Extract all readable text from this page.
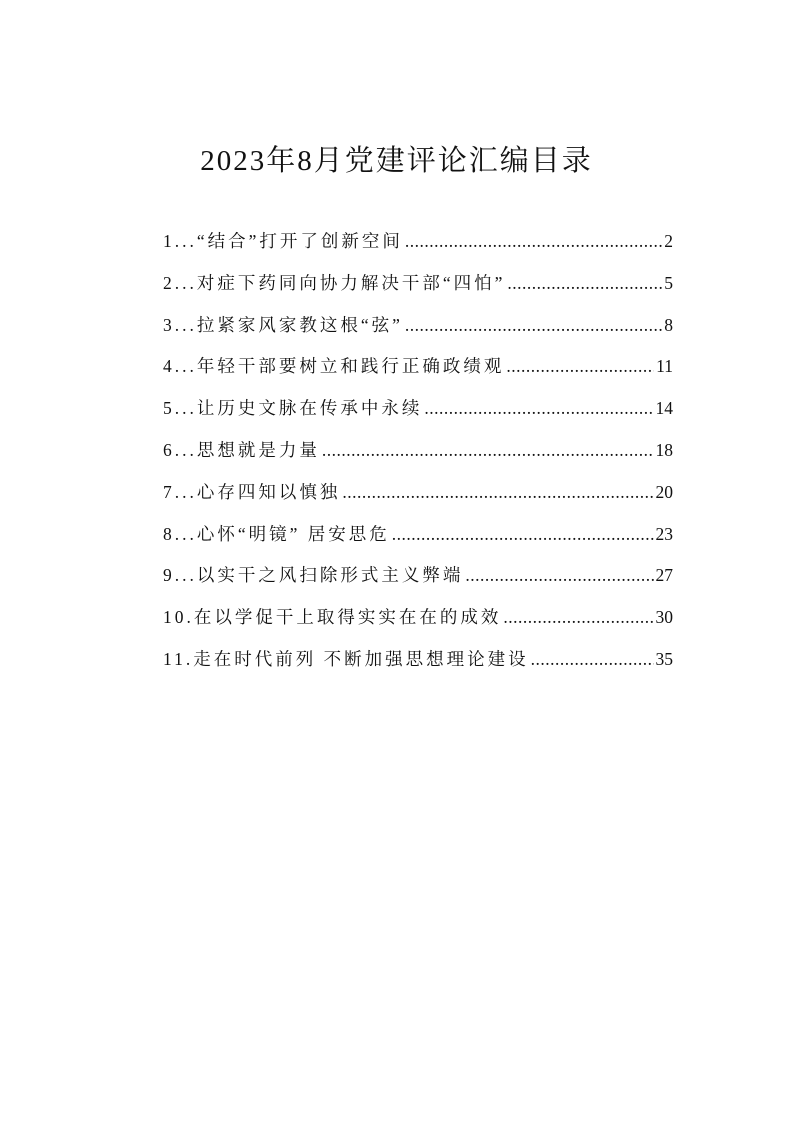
2023年8月党建评论汇编目录
1...“结合”打开了创新空间 .....	2
2...对症下药同向协力解决干部“四怕” .....	5
3...拉紧家风家教这根“弦” .....	8
4...年轻干部要树立和践行正确政绩观 .....	11
5...让历史文脉在传承中永续 .....	14
6...思想就是力量 .....	18
7...心存四知以慎独 .....	20
8...心怀“明镜” 居安思危 .....	23
9...以实干之风扫除形式主义弊端 .....	27
10.在以学促干上取得实实在在的成效 .....	30
11.走在时代前列 不断加强思想理论建设 .....	35
